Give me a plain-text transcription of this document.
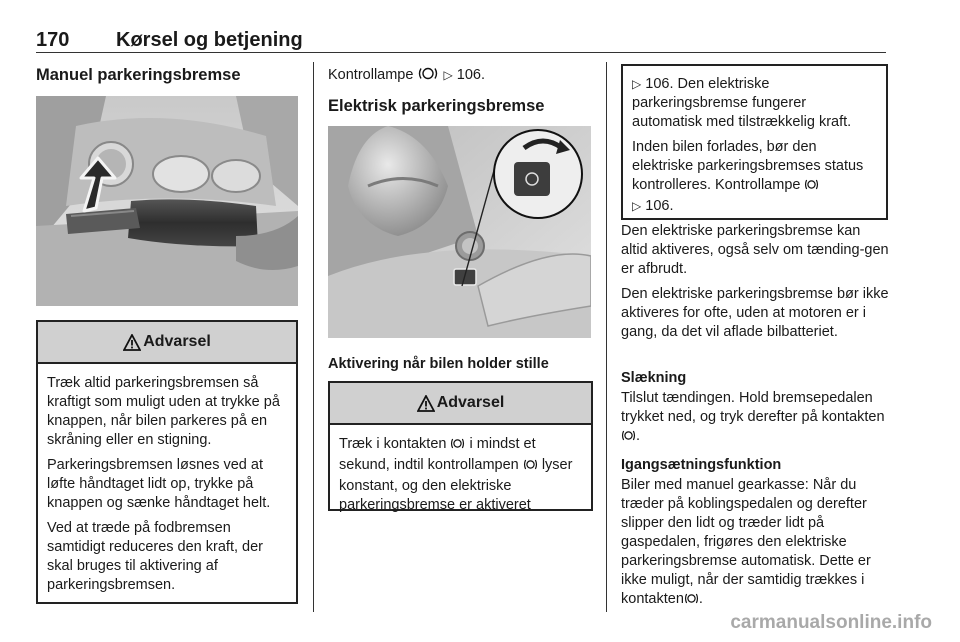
170 Kørsel og betjening
Manuel parkeringsbremse
Advarsel

Træk altid parkeringsbremsen så kraftigt som muligt uden at trykke på knappen, når bilen parkeres på en skråning eller en stigning.

Parkeringsbremsen løsnes ved at løfte håndtaget lidt op, trykke på knappen og sænke håndtaget helt.

Ved at træde på fodbremsen samtidigt reduceres den kraft, der skal bruges til aktivering af parkeringsbremsen.

Kontrollampe	▷ 106.
Elektrisk parkeringsbremse
Aktivering når bilen holder stille
Advarsel
Træk i kontakten i mindst et sekund, indtil kontrollampen lyser konstant, og den elektriske parkeringsbremse er aktiveret

▷ 106. Den elektriske parkeringsbremse fungerer automatisk med tilstrækkelig kraft.

Inden bilen forlades, bør den elektriske parkeringsbremses status kontrolleres. Kontrollampe
▷ 106.

Den elektriske parkeringsbremse kan altid aktiveres, også selv om tænding-gen er afbrudt.

Den elektriske parkeringsbremse bør ikke aktiveres for ofte, uden at motoren er i gang, da det vil aflade bilbatteriet.

Slækning
Tilslut tændingen. Hold bremsepedalen trykket ned, og tryk derefter på kontakten.
Igangsætningsfunktion
Biler med manuel gearkasse: Når du træder på koblingspedalen og derefter slipper den lidt og træder lidt på gaspedalen, frigøres den elektriske parkeringsbremse automatisk. Dette er ikke muligt, når der samtidig trækkes i kontakten .
carmanualsonline.info
